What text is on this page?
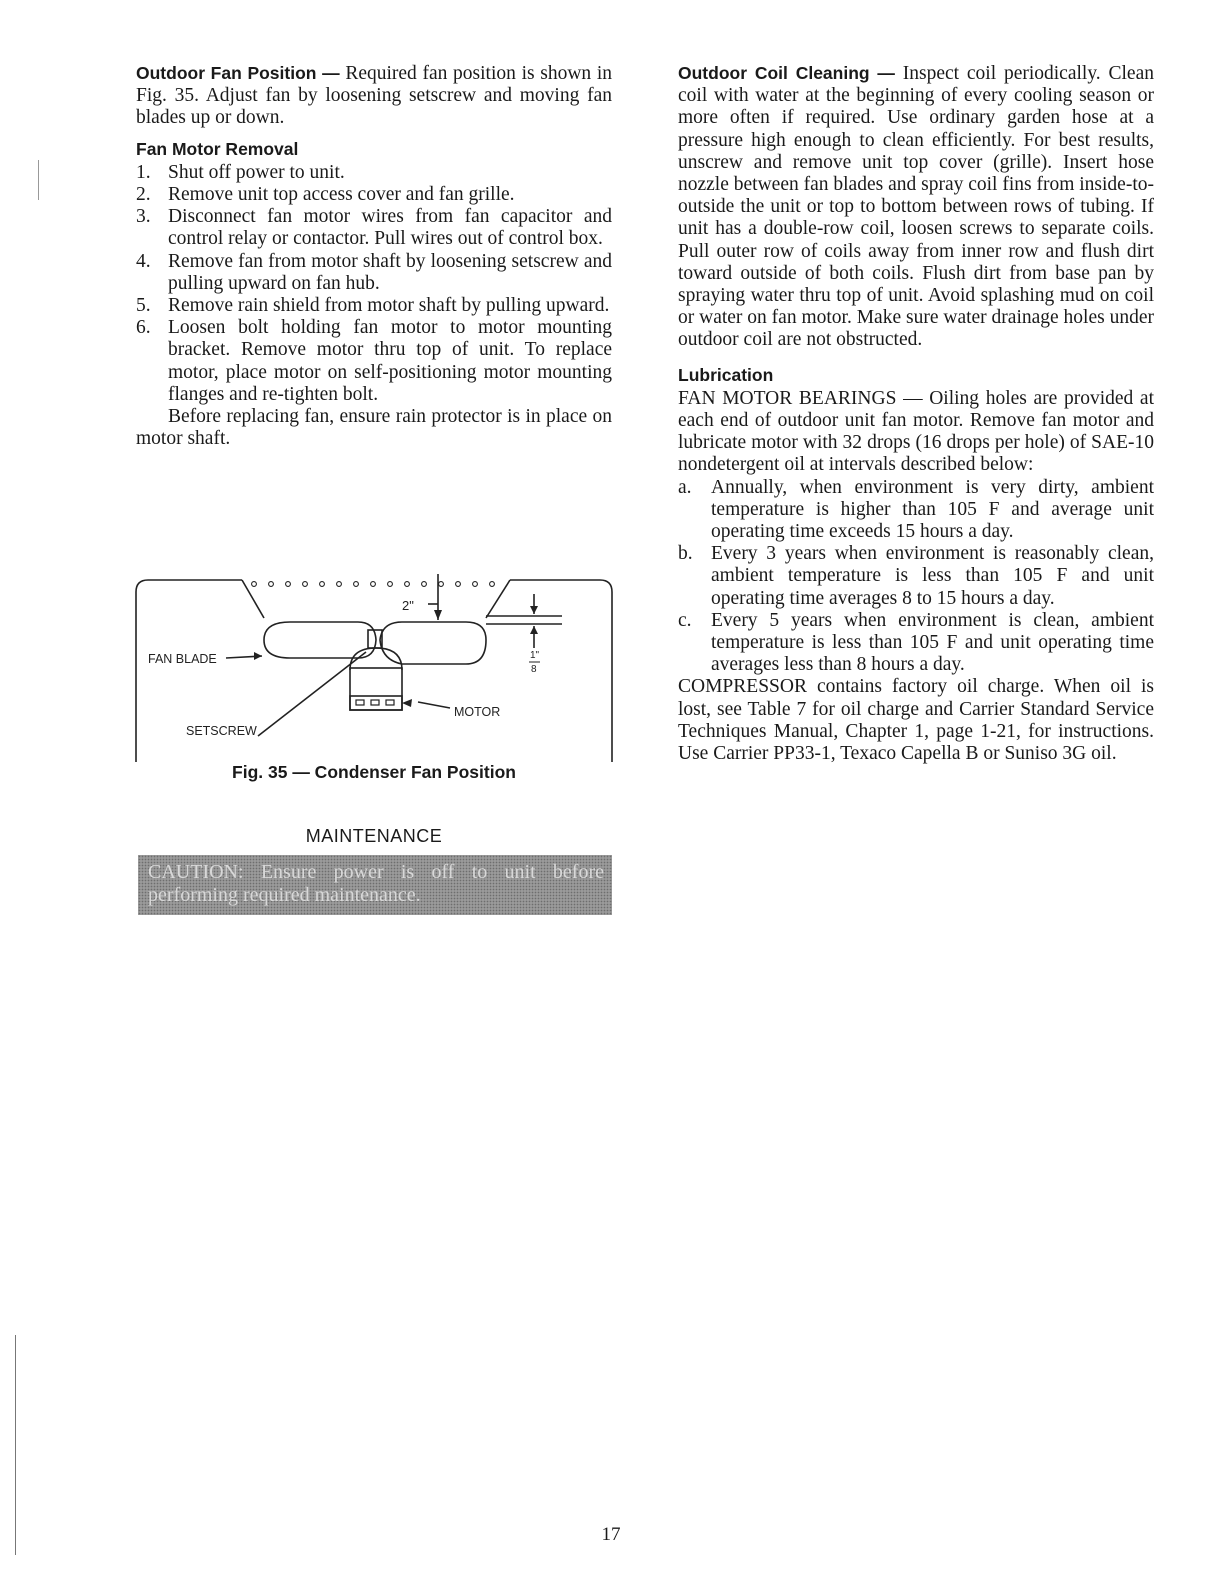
Outdoor Fan Position — Required fan position is shown in Fig. 35. Adjust fan by loosening setscrew and moving fan blades up or down.

Fan Motor Removal
1. Shut off power to unit.
2. Remove unit top access cover and fan grille.
3. Disconnect fan motor wires from fan capacitor and control relay or contactor. Pull wires out of control box.
4. Remove fan from motor shaft by loosening setscrew and pulling upward on fan hub.
5. Remove rain shield from motor shaft by pulling upward.
6. Loosen bolt holding fan motor to motor mounting bracket. Remove motor thru top of unit. To replace motor, place motor on self-positioning motor mounting flanges and re-tighten bolt.

Before replacing fan, ensure rain protector is in place on motor shaft.

FAN BLADE
MOTOR
SETSCREW
2"
1"
8
Fig. 35 — Condenser Fan Position
MAINTENANCE
CAUTION: Ensure power is off to unit before performing required maintenance.

Outdoor Coil Cleaning — Inspect coil periodically. Clean coil with water at the beginning of every cooling season or more often if required. Use ordinary garden hose at a pressure high enough to clean efficiently. For best results, unscrew and remove unit top cover (grille). Insert hose nozzle between fan blades and spray coil fins from inside-to-outside the unit or top to bottom between rows of tubing. If unit has a double-row coil, loosen screws to separate coils. Pull outer row of coils away from inner row and flush dirt toward outside of both coils. Flush dirt from base pan by spraying water thru top of unit. Avoid splashing mud on coil or water on fan motor. Make sure water drainage holes under outdoor coil are not obstructed.

Lubrication

FAN MOTOR BEARINGS — Oiling holes are provided at each end of outdoor unit fan motor. Remove fan motor and lubricate motor with 32 drops (16 drops per hole) of SAE-10 nondetergent oil at intervals described below:

a. Annually, when environment is very dirty, ambient temperature is higher than 105 F and average unit operating time exceeds 15 hours a day.
b. Every 3 years when environment is reasonably clean, ambient temperature is less than 105 F and unit operating time averages 8 to 15 hours a day.
c. Every 5 years when environment is clean, ambient temperature is less than 105 F and unit operating time averages less than 8 hours a day.

COMPRESSOR contains factory oil charge. When oil is lost, see Table 7 for oil charge and Carrier Standard Service Techniques Manual, Chapter 1, page 1-21, for instructions. Use Carrier PP33-1, Texaco Capella B or Suniso 3G oil.

17
